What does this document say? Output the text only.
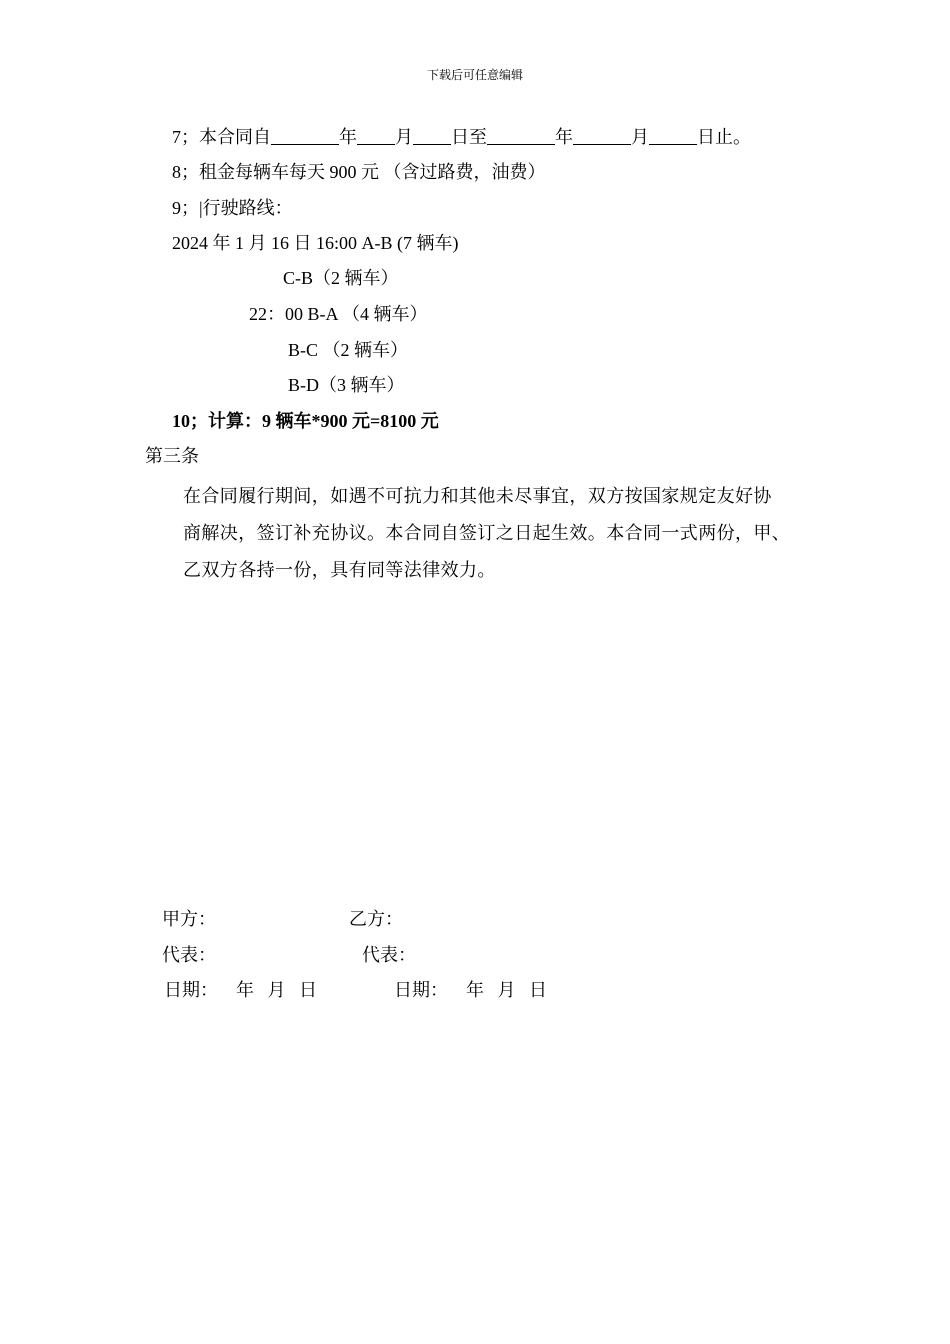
下载后可任意编辑
7；本合同自	年 月 日至	年	月	日止。
8；租金每辆车每天 900 元 （含过路费，油费）
9；|行驶路线：
2024 年 1 月 16 日 16:00 A-B (7 辆车)
C-B（2 辆车）
22：00 B-A （4 辆车）
B-C （2 辆车）
B-D（3 辆车）
10；计算：9 辆车*900 元=8100 元
第三条
在合同履行期间，如遇不可抗力和其他未尽事宜，双方按国家规定友好协
商解决，签订补充协议。本合同自签订之日起生效。本合同一式两份，甲、
乙双方各持一份，具有同等法律效力。
甲方：	乙方：
代表：	代表：
日期：    年   月   日	日期：    年   月   日
